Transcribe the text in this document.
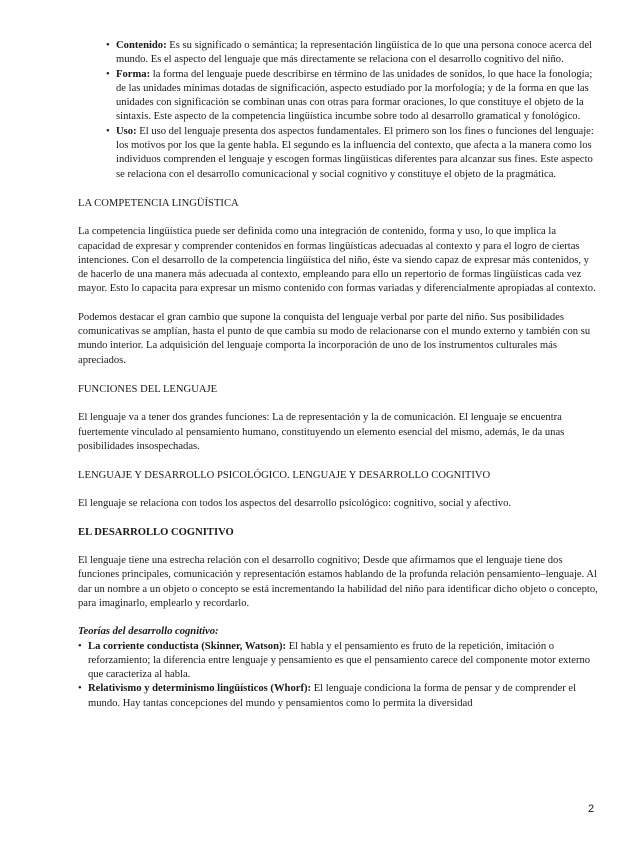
• Contenido: Es su significado o semántica; la representación lingüística de lo que una persona conoce acerca del mundo. Es el aspecto del lenguaje que más directamente se relaciona con el desarrollo cognitivo del niño.
• Forma: la forma del lenguaje puede describirse en término de las unidades de sonidos, lo que hace la fonología; de las unidades mínimas dotadas de significación, aspecto estudiado por la morfología; y de la forma en que las unidades con significación se combinan unas con otras para formar oraciones, lo que constituye el objeto de la sintaxis. Este aspecto de la competencia lingüística incumbe sobre todo al desarrollo gramatical y fonológico.
• Uso: El uso del lenguaje presenta dos aspectos fundamentales. El primero son los fines o funciones del lenguaje: los motivos por los que la gente habla. El segundo es la influencia del contexto, que afecta a la manera como los individuos comprenden el lenguaje y escogen formas lingüísticas diferentes para alcanzar sus fines. Este aspecto se relaciona con el desarrollo comunicacional y social cognitivo y constituye el objeto de la pragmática.

LA COMPETENCIA LINGÜÍSTICA

La competencia lingüística puede ser definida como una integración de contenido, forma y uso, lo que implica la capacidad de expresar y comprender contenidos en formas lingüísticas adecuadas al contexto y para el logro de ciertas intenciones. Con el desarrollo de la competencia lingüística del niño, éste va siendo capaz de expresar más contenidos, y de hacerlo de una manera más adecuada al contexto, empleando para ello un repertorio de formas lingüísticas cada vez mayor. Esto lo capacita para expresar un mismo contenido con formas variadas y diferencialmente apropiadas al contexto.

Podemos destacar el gran cambio que supone la conquista del lenguaje verbal por parte del niño. Sus posibilidades comunicativas se amplían, hasta el punto de que cambia su modo de relacionarse con el mundo externo y también con su mundo interior. La adquisición del lenguaje comporta la incorporación de uno de los instrumentos culturales más apreciados.

FUNCIONES DEL LENGUAJE

El lenguaje va a tener dos grandes funciones: La de representación y la de comunicación. El lenguaje se encuentra fuertemente vinculado al pensamiento humano, constituyendo un elemento esencial del mismo, además, le da unas posibilidades insospechadas.

LENGUAJE Y DESARROLLO PSICOLÓGICO. LENGUAJE Y DESARROLLO COGNITIVO

El lenguaje se relaciona con todos los aspectos del desarrollo psicológico: cognitivo, social y afectivo.

EL DESARROLLO COGNITIVO

El lenguaje tiene una estrecha relación con el desarrollo cognitivo; Desde que afirmamos que el lenguaje tiene dos funciones principales, comunicación y representación estamos hablando de la profunda relación pensamiento–lenguaje. Al dar un nombre a un objeto o concepto se está incrementando la habilidad del niño para identificar dicho objeto o concepto, para imaginarlo, emplearlo y recordarlo.

Teorías del desarrollo cognitivo:

• La corriente conductista (Skinner, Watson): El habla y el pensamiento es fruto de la repetición, imitación o reforzamiento; la diferencia entre lenguaje y pensamiento es que el pensamiento carece del componente motor externo que caracteriza al habla.
• Relativismo y determinismo lingüísticos (Whorf): El lenguaje condiciona la forma de pensar y de comprender el mundo. Hay tantas concepciones del mundo y pensamientos como lo permita la diversidad
2
